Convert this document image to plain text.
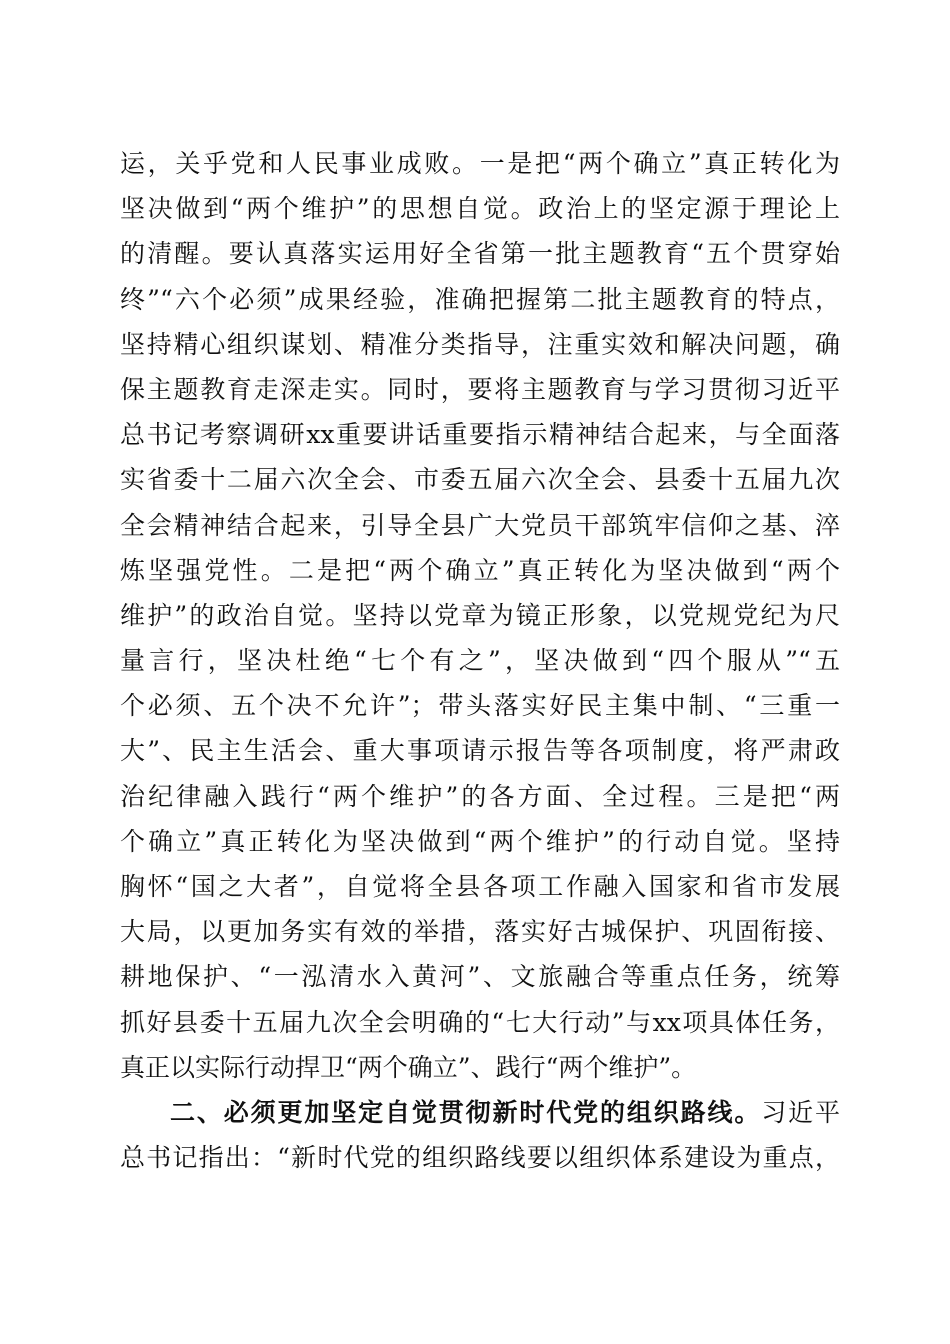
运，关乎党和人民事业成败。一是把“两个确立”真正转化为
坚决做到“两个维护”的思想自觉。政治上的坚定源于理论上
的清醒。要认真落实运用好全省第一批主题教育“五个贯穿始
终”“六个必须”成果经验，准确把握第二批主题教育的特点，
坚持精心组织谋划、精准分类指导，注重实效和解决问题，确
保主题教育走深走实。同时，要将主题教育与学习贯彻习近平
总书记考察调研xx重要讲话重要指示精神结合起来，与全面落
实省委十二届六次全会、市委五届六次全会、县委十五届九次
全会精神结合起来，引导全县广大党员干部筑牢信仰之基、淬
炼坚强党性。二是把“两个确立”真正转化为坚决做到“两个
维护”的政治自觉。坚持以党章为镜正形象，以党规党纪为尺
量言行，坚决杜绝“七个有之”，坚决做到“四个服从”“五
个必须、五个决不允许”；带头落实好民主集中制、“三重一
大”、民主生活会、重大事项请示报告等各项制度，将严肃政
治纪律融入践行“两个维护”的各方面、全过程。三是把“两
个确立”真正转化为坚决做到“两个维护”的行动自觉。坚持
胸怀“国之大者”，自觉将全县各项工作融入国家和省市发展
大局，以更加务实有效的举措，落实好古城保护、巩固衔接、
耕地保护、“一泓清水入黄河”、文旅融合等重点任务，统筹
抓好县委十五届九次全会明确的“七大行动”与xx项具体任务，
真正以实际行动捍卫“两个确立”、践行“两个维护”。
二、必须更加坚定自觉贯彻新时代党的组织路线。习近平
总书记指出：“新时代党的组织路线要以组织体系建设为重点，
